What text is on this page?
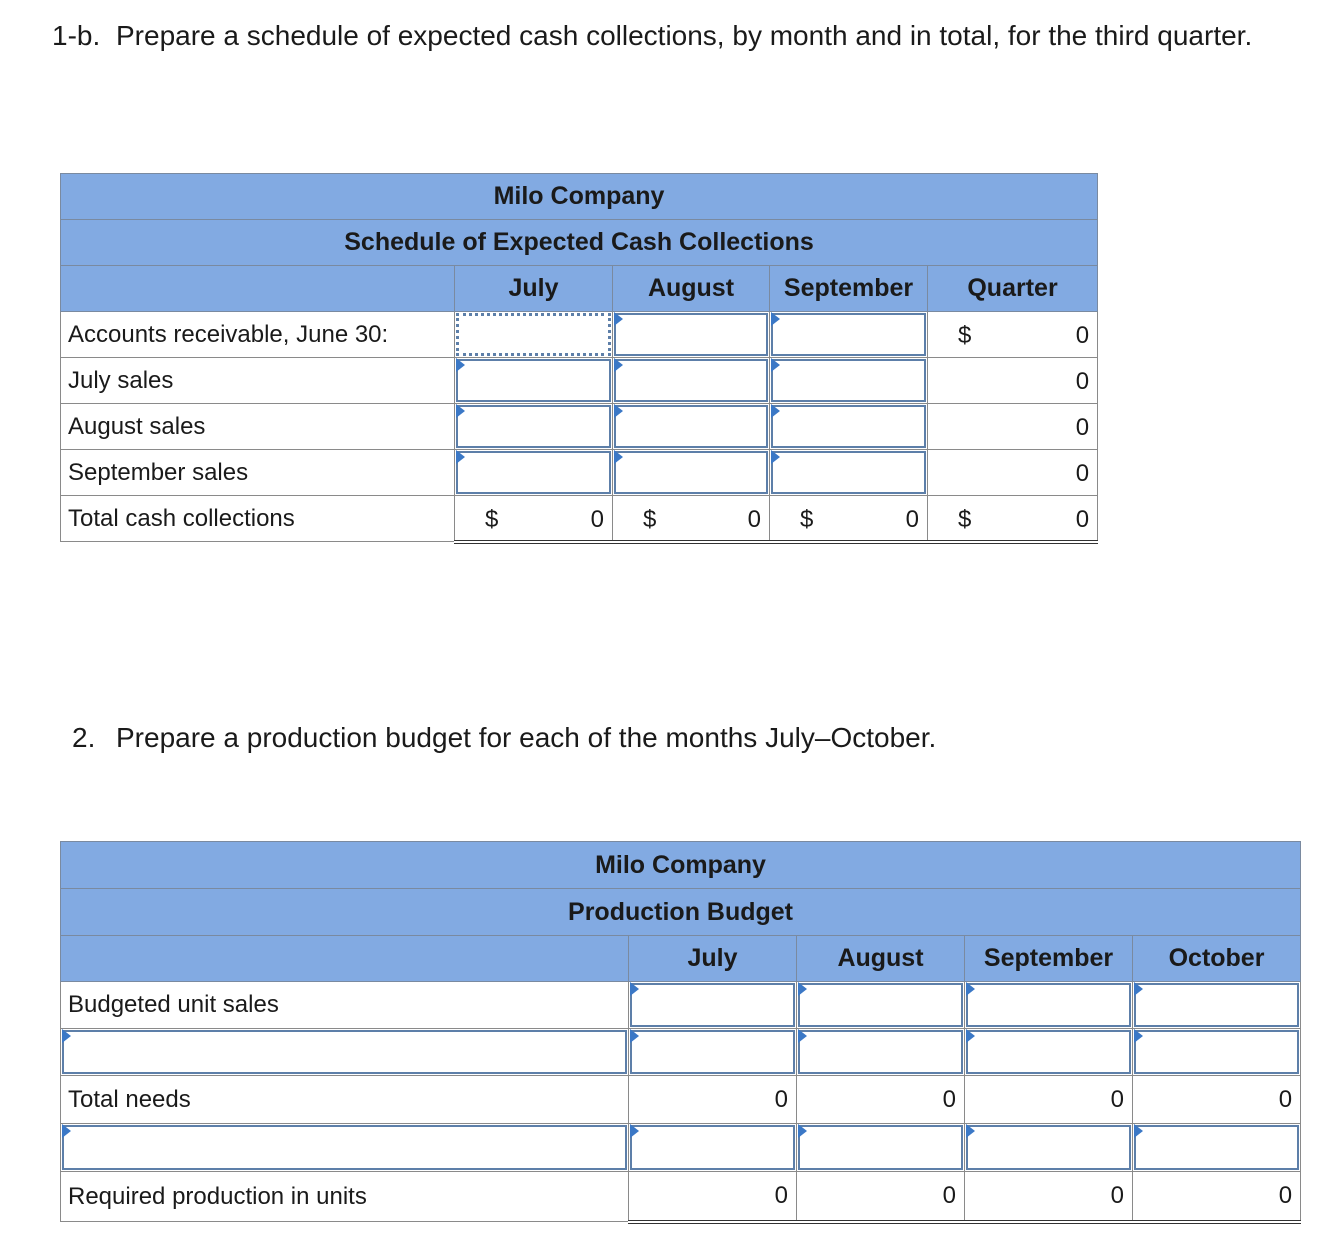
1-b. Prepare a schedule of expected cash collections, by month and in total, for the third quarter.
Milo Company				
Schedule of Expected Cash Collections				
	July	August	September	Quarter
Accounts receivable, June 30:				$ 0

July sales				0

August sales				0

September sales				0

Total cash collections	$ 0	$ 0	$ 0	$ 0
2. Prepare a production budget for each of the months July–October.
Milo Company				
Production Budget				
	July	August	September	October
Budgeted unit sales	

Total needs	0	0	0	0

Required production in units	0	0	0	0
